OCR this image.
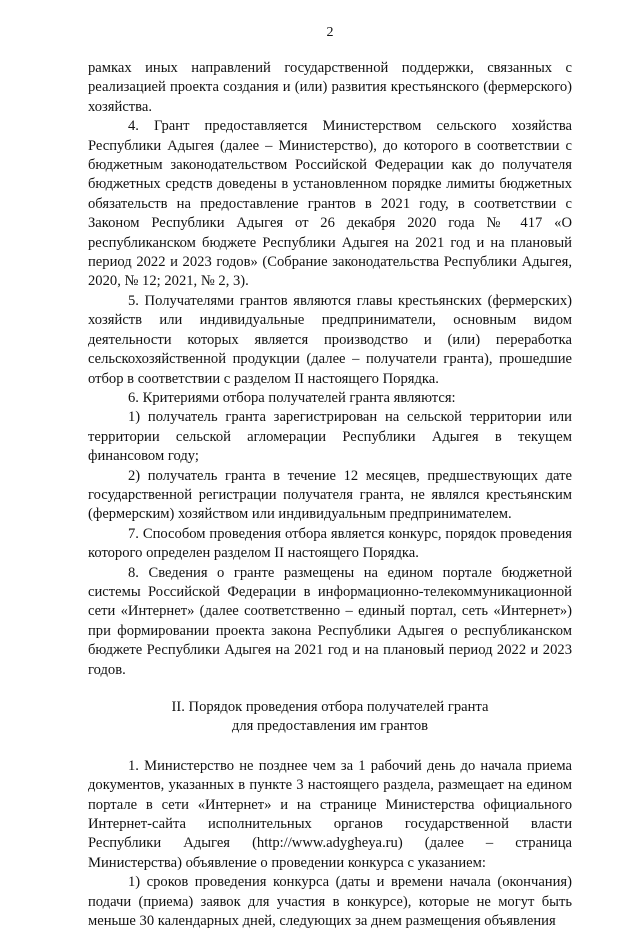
2

рамках иных направлений государственной поддержки, связанных с реализацией проекта создания и (или) развития крестьянского (фермерского) хозяйства.

4. Грант предоставляется Министерством сельского хозяйства Республики Адыгея (далее – Министерство), до которого в соответствии с бюджетным законодательством Российской Федерации как до получателя бюджетных средств доведены в установленном порядке лимиты бюджетных обязательств на предоставление грантов в 2021 году, в соответствии с Законом Республики Адыгея от 26 декабря 2020 года № 417 «О республиканском бюджете Республики Адыгея на 2021 год и на плановый период 2022 и 2023 годов» (Собрание законодательства Республики Адыгея, 2020, № 12; 2021, № 2, 3).

5. Получателями грантов являются главы крестьянских (фермерских) хозяйств или индивидуальные предприниматели, основным видом деятельности которых является производство и (или) переработка сельскохозяйственной продукции (далее – получатели гранта), прошедшие отбор в соответствии с разделом II настоящего Порядка.

6. Критериями отбора получателей гранта являются:

1) получатель гранта зарегистрирован на сельской территории или территории сельской агломерации Республики Адыгея в текущем финансовом году;

2) получатель гранта в течение 12 месяцев, предшествующих дате государственной регистрации получателя гранта, не являлся крестьянским (фермерским) хозяйством или индивидуальным предпринимателем.

7. Способом проведения отбора является конкурс, порядок проведения которого определен разделом II настоящего Порядка.

8. Сведения о гранте размещены на едином портале бюджетной системы Российской Федерации в информационно-телекоммуникационной сети «Интернет» (далее соответственно – единый портал, сеть «Интернет») при формировании проекта закона Республики Адыгея о республиканском бюджете Республики Адыгея на 2021 год и на плановый период 2022 и 2023 годов.

II. Порядок проведения отбора получателей гранта
для предоставления им грантов

1. Министерство не позднее чем за 1 рабочий день до начала приема документов, указанных в пункте 3 настоящего раздела, размещает на едином портале в сети «Интернет» и на странице Министерства официального Интернет-сайта исполнительных органов государственной власти Республики Адыгея (http://www.adygheya.ru) (далее – страница Министерства) объявление о проведении конкурса с указанием:

1) сроков проведения конкурса (даты и времени начала (окончания) подачи (приема) заявок для участия в конкурсе), которые не могут быть меньше 30 календарных дней, следующих за днем размещения объявления
